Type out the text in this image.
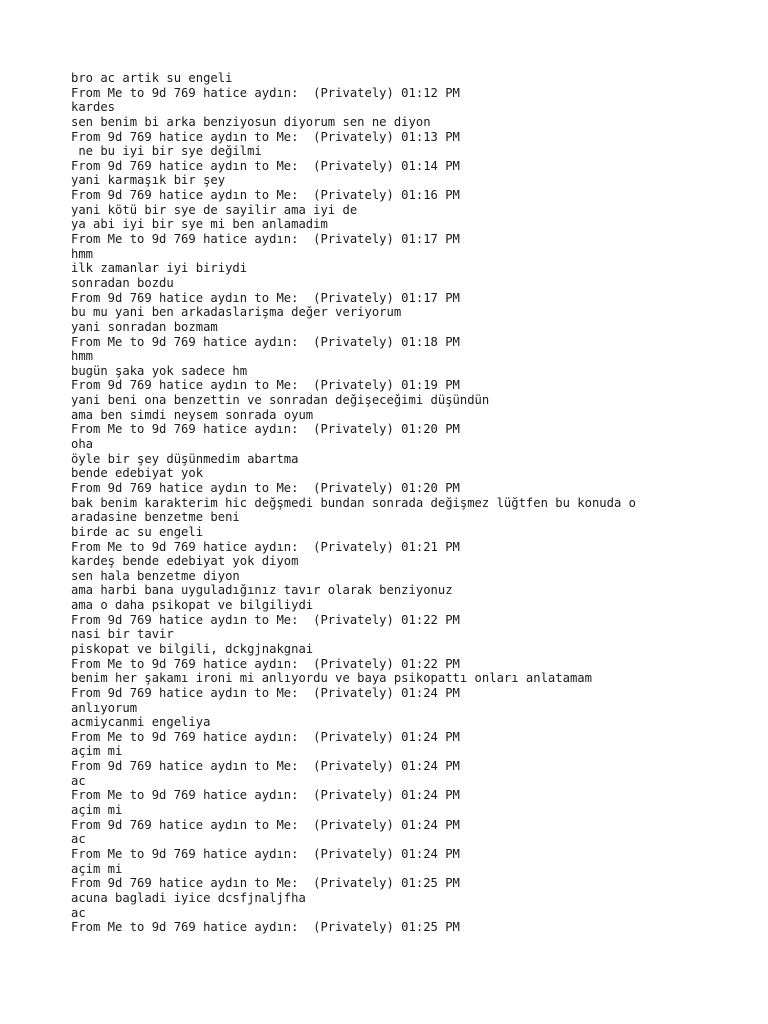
bro ac artik su engeli
From Me to 9d 769 hatice aydın:  (Privately) 01:12 PM
kardes
sen benim bi arka benziyosun diyorum sen ne diyon
From 9d 769 hatice aydın to Me:  (Privately) 01:13 PM
ne bu iyi bir sye değilmi
From 9d 769 hatice aydın to Me:  (Privately) 01:14 PM
yani karmaşık bir şey
From 9d 769 hatice aydın to Me:  (Privately) 01:16 PM
yani kötü bir sye de sayilir ama iyi de
ya abi iyi bir sye mi ben anlamadim
From Me to 9d 769 hatice aydın:  (Privately) 01:17 PM
hmm
ilk zamanlar iyi biriydi
sonradan bozdu
From 9d 769 hatice aydın to Me:  (Privately) 01:17 PM
bu mu yani ben arkadaslarişma değer veriyorum
yani sonradan bozmam
From Me to 9d 769 hatice aydın:  (Privately) 01:18 PM
hmm
bugün şaka yok sadece hm
From 9d 769 hatice aydın to Me:  (Privately) 01:19 PM
yani beni ona benzettin ve sonradan değişeceğimi düşündün
ama ben simdi neysem sonrada oyum
From Me to 9d 769 hatice aydın:  (Privately) 01:20 PM
oha
öyle bir şey düşünmedim abartma
bende edebiyat yok
From 9d 769 hatice aydın to Me:  (Privately) 01:20 PM
bak benim karakterim hic değşmedi bundan sonrada değişmez lüğtfen bu konuda o
aradasine benzetme beni
birde ac su engeli
From Me to 9d 769 hatice aydın:  (Privately) 01:21 PM
kardeş bende edebiyat yok diyom
sen hala benzetme diyon
ama harbi bana uyguladığınız tavır olarak benziyonuz
ama o daha psikopat ve bilgiliydi
From 9d 769 hatice aydın to Me:  (Privately) 01:22 PM
nasi bir tavir
piskopat ve bilgili, dckgjnakgnai
From Me to 9d 769 hatice aydın:  (Privately) 01:22 PM
benim her şakamı ironi mi anlıyordu ve baya psikopattı onları anlatamam
From 9d 769 hatice aydın to Me:  (Privately) 01:24 PM
anlıyorum
acmiycanmi engeliya
From Me to 9d 769 hatice aydın:  (Privately) 01:24 PM
açim mi
From 9d 769 hatice aydın to Me:  (Privately) 01:24 PM
ac
From Me to 9d 769 hatice aydın:  (Privately) 01:24 PM
açim mi
From 9d 769 hatice aydın to Me:  (Privately) 01:24 PM
ac
From Me to 9d 769 hatice aydın:  (Privately) 01:24 PM
açim mi
From 9d 769 hatice aydın to Me:  (Privately) 01:25 PM
acuna bagladi iyice dcsfjnaljfha
ac
From Me to 9d 769 hatice aydın:  (Privately) 01:25 PM
